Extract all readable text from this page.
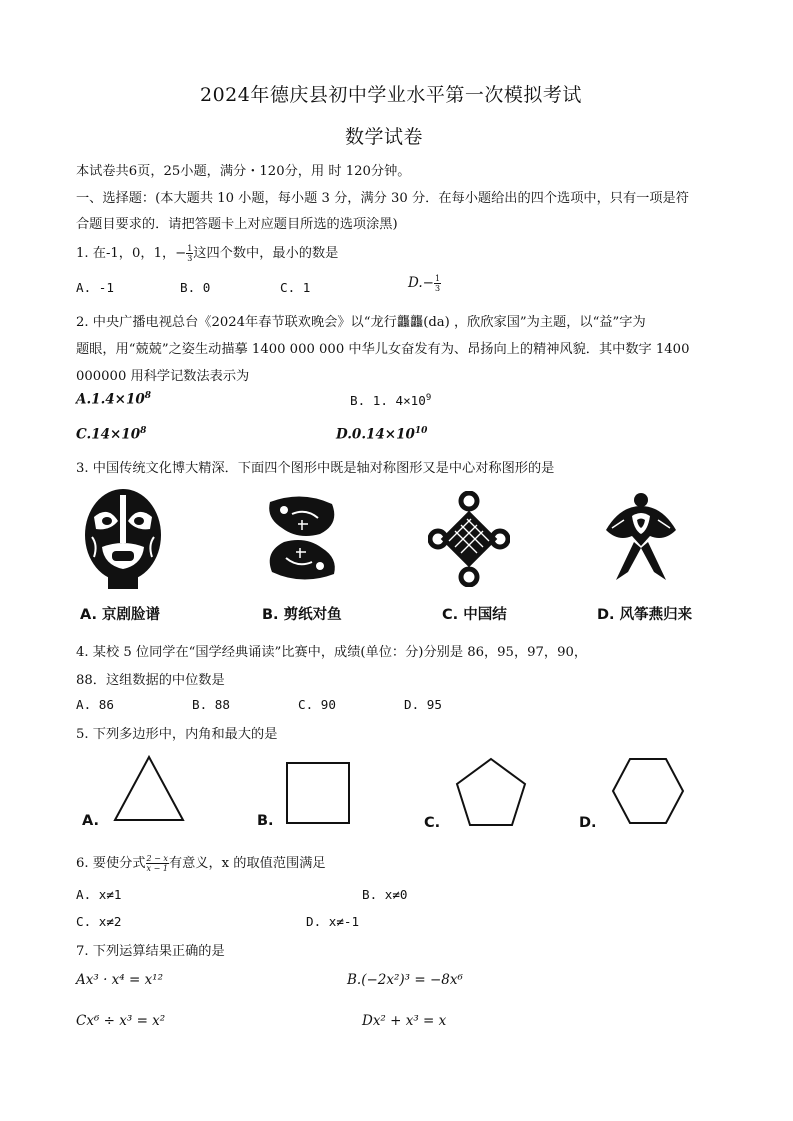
2024年德庆县初中学业水平第一次模拟考试
数学试卷
本试卷共6页，25小题，满分・120分，用 时 120分钟。
一、选择题：(本大题共 10 小题，每小题 3 分，满分 30 分．在每小题给出的四个选项中，只有一项是符
合题目要求的．请把答题卡上对应题目所选的选项涂黑)
1. 在-1，0，1，− $\frac{1}{3}$ 这四个数中，最小的数是
A. -1	B. 0	C. 1	$D.- \frac{1}{3}$
2. 中央广播电视总台《2024年春节联欢晚会》以“龙行龘龘(da) ，欣欣家国”为主题，以“益”字为
题眼，用“兢兢”之姿生动描摹 1400 000 000 中华儿女奋发有为、昂扬向上的精神风貌．其中数字 1400
000000 用科学记数法表示为
$A.1.4\times 10^8$	B. 1. $4\times 10^9$
$C.14\times 10^8$	$D.0.14\times 10^{10}$
3. 中国传统文化博大精深．下面四个图形中既是轴对称图形又是中心对称图形的是
A. 京剧脸谱	B. 剪纸对鱼	C. 中国结	D. 风筝燕归来
4. 某校 5 位同学在“国学经典诵读”比赛中，成绩(单位：分)分别是 86，95，97，90，
88．这组数据的中位数是
A. 86	B. 88	C. 90	D. 95
5. 下列多边形中，内角和最大的是
A.	B.	C.	D.
6. 要使分式 $\frac{2 - x}{x - 1}$ 有意义，x 的取值范围满足
A. x≠1	B. x≠0
C. x≠2	D. x≠-1
7. 下列运算结果正确的是
Ax³ · x⁴ = x¹²	B.(−2x²)³ = −8x⁶
Cx⁶ ÷ x³ = x²	Dx² + x³ = x
